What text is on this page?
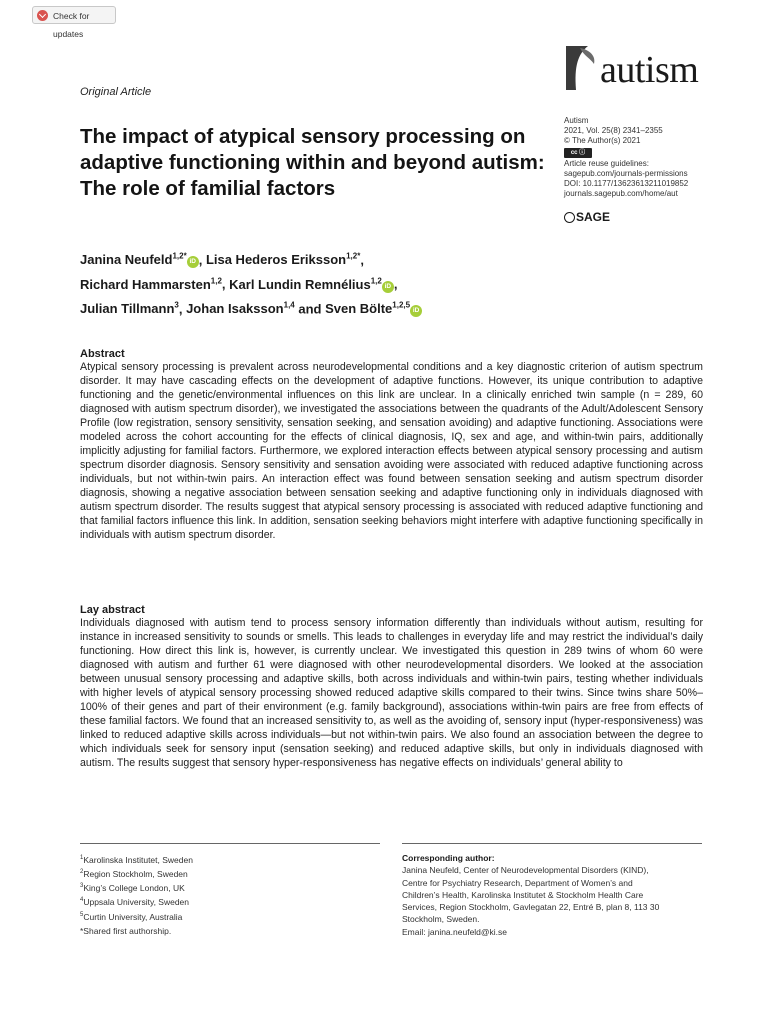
Check for updates
Original Article
The impact of atypical sensory processing on adaptive functioning within and beyond autism: The role of familial factors
autism
Autism
2021, Vol. 25(8) 2341–2355
© The Author(s) 2021
cc ⓘ
Article reuse guidelines:
sagepub.com/journals-permissions
DOI: 10.1177/13623613211019852
journals.sagepub.com/home/aut
SAGE
Janina Neufeld$^{1,2*}$iD , Lisa Hederos Eriksson$^{1,2*}$,
Richard Hammarsten$^{1,2}$, Karl Lundin Remnélius$^{1,2}$iD ,
Julian Tillmann$^3$, Johan Isaksson$^{1,4}$ and Sven Bölte$^{1,2,5}$iD
Abstract

Atypical sensory processing is prevalent across neurodevelopmental conditions and a key diagnostic criterion of autism spectrum disorder. It may have cascading effects on the development of adaptive functions. However, its unique contribution to adaptive functioning and the genetic/environmental influences on this link are unclear. In a clinically enriched twin sample (n = 289, 60 diagnosed with autism spectrum disorder), we investigated the associations between the quadrants of the Adult/Adolescent Sensory Profile (low registration, sensory sensitivity, sensation seeking, and sensation avoiding) and adaptive functioning. Associations were modeled across the cohort accounting for the effects of clinical diagnosis, IQ, sex and age, and within-twin pairs, additionally implicitly adjusting for familial factors. Furthermore, we explored interaction effects between atypical sensory processing and autism spectrum disorder diagnosis. Sensory sensitivity and sensation avoiding were associated with reduced adaptive functioning across individuals, but not within-twin pairs. An interaction effect was found between sensation seeking and autism spectrum disorder diagnosis, showing a negative association between sensation seeking and adaptive functioning only in individuals diagnosed with autism spectrum disorder. The results suggest that atypical sensory processing is associated with reduced adaptive functioning and that familial factors influence this link. In addition, sensation seeking behaviors might interfere with adaptive functioning specifically in individuals with autism spectrum disorder.

Lay abstract

Individuals diagnosed with autism tend to process sensory information differently than individuals without autism, resulting for instance in increased sensitivity to sounds or smells. This leads to challenges in everyday life and may restrict the individual’s daily functioning. How direct this link is, however, is currently unclear. We investigated this question in 289 twins of whom 60 were diagnosed with autism and further 61 were diagnosed with other neurodevelopmental disorders. We looked at the association between unusual sensory processing and adaptive skills, both across individuals and within-twin pairs, testing whether individuals with higher levels of atypical sensory processing showed reduced adaptive skills compared to their twins. Since twins share 50%–100% of their genes and part of their environment (e.g. family background), associations within-twin pairs are free from effects of these familial factors. We found that an increased sensitivity to, as well as the avoiding of, sensory input (hyper-responsiveness) was linked to reduced adaptive skills across individuals—but not within-twin pairs. We also found an association between the degree to which individuals seek for sensory input (sensation seeking) and reduced adaptive skills, but only in individuals diagnosed with autism. The results suggest that sensory hyper-responsiveness has negative effects on individuals’ general ability to

$^1$Karolinska Institutet, Sweden
$^2$Region Stockholm, Sweden
$^3$King’s College London, UK
$^4$Uppsala University, Sweden
$^5$Curtin University, Australia
*Shared first authorship.
Corresponding author:
Janina Neufeld, Center of Neurodevelopmental Disorders (KIND),
Centre for Psychiatry Research, Department of Women’s and
Children’s Health, Karolinska Institutet & Stockholm Health Care
Services, Region Stockholm, Gavlegatan 22, Entré B, plan 8, 113 30
Stockholm, Sweden.
Email: janina.neufeld@ki.se
